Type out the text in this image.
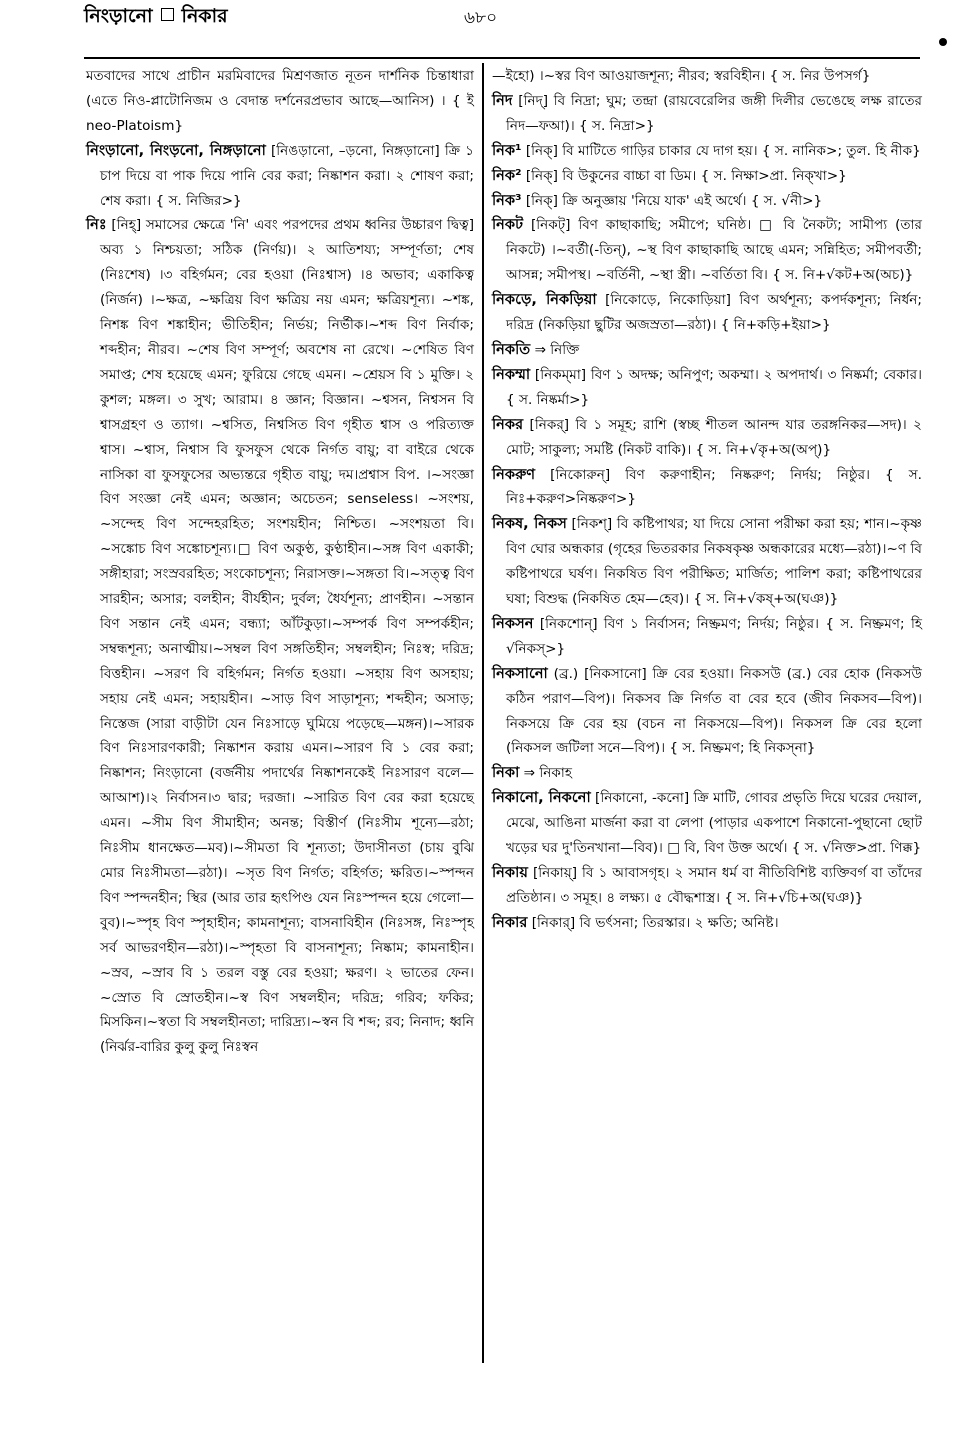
নিংড়ানো নিকার	৬৮০

মতবাদের সাথে প্রাচীন মরমিবাদের মিশ্রণজাত নূতন দার্শনিক চিন্তাধারা (এতে নিও-প্লাটোনিজম ও বেদান্ত দর্শনেরপ্রভাব আছে—আনিস) । { ই neo-Platoism}

নিংড়ানো, নিংড়নো, নিঙ্গড়ানো [নিঙড়ানো, –ড়নো, নিঙ্গড়ানো] ক্রি ১ চাপ দিয়ে বা পাক দিয়ে পানি বের করা; নিষ্কাশন করা। ২ শোষণ করা; শেষ করা। { স. নিজির>}

নিঃ [নিহ্] সমাসের ক্ষেত্রে 'নি' এবং পরপদের প্রথম ধ্বনির উচ্চারণ দ্বিত্ব] অব্য ১ নিশ্চয়তা; সঠিক (নির্ণয়)। ২ আতিশয্য; সম্পূর্ণতা; শেষ (নিঃশেষ) ।৩ বহির্গমন; বের হওয়া (নিঃশ্বাস) ।৪ অভাব; একাকিত্ব (নির্জন) ।~ক্ষত্র, ~ক্ষত্রিয় বিণ ক্ষত্রিয় নয় এমন; ক্ষত্রিয়শূন্য। ~শঙ্ক, নিশঙ্ক বিণ শঙ্কাহীন; ভীতিহীন; নির্ভয়; নির্ভীক।~শব্দ বিণ নির্বাক; শব্দহীন; নীরব। ~শেষ বিণ সম্পূর্ণ; অবশেষ না রেখে। ~শেষিত বিণ সমাপ্ত; শেষ হয়েছে এমন; ফুরিয়ে গেছে এমন। ~শ্রেয়স বি ১ মুক্তি। ২ কুশল; মঙ্গল। ৩ সুখ; আরাম। ৪ জ্ঞান; বিজ্ঞান। ~শ্বসন, নিশ্বসন বি শ্বাসগ্রহণ ও ত্যাগ। ~শ্বসিত, নিশ্বসিত বিণ গৃহীত শ্বাস ও পরিত্যক্ত শ্বাস। ~শ্বাস, নিশ্বাস বি ফুসফুস থেকে নির্গত বায়ু; বা বাইরে থেকে নাসিকা বা ফুসফুসের অভ্যন্তরে গৃহীত বায়ু; দম।প্রশ্বাস বিপ. ।~সংজ্ঞা বিণ সংজ্ঞা নেই এমন; অজ্ঞান; অচেতন; senseless। ~সংশয়, ~সন্দেহ বিণ সন্দেহরহিত; সংশয়হীন; নিশ্চিত। ~সংশয়তা বি। ~সঙ্কোচ বিণ সঙ্কোচশূন্য।□ বিণ অকুণ্ঠ, কুণ্ঠাহীন।~সঙ্গ বিণ একাকী; সঙ্গীহারা; সংস্রবরহিত; সংকোচশূন্য; নিরাসক্ত।~সঙ্গতা বি।~সত্ত্ব বিণ সারহীন; অসার; বলহীন; বীর্যহীন; দুর্বল; ধৈর্যশূন্য; প্রাণহীন। ~সন্তান বিণ সন্তান নেই এমন; বন্ধ্যা; আঁটকুড়া।~সম্পর্ক বিণ সম্পর্কহীন; সম্বন্ধশূন্য; অনাত্মীয়।~সম্বল বিণ সঙ্গতিহীন; সম্বলহীন; নিঃস্ব; দরিদ্র; বিত্তহীন। ~সরণ বি বহির্গমন; নির্গত হওয়া। ~সহায় বিণ অসহায়; সহায় নেই এমন; সহায়হীন। ~সাড় বিণ সাড়াশূন্য; শব্দহীন; অসাড়; নিস্তেজ (সারা বাড়ীটা যেন নিঃসাড়ে ঘুমিয়ে পড়েছে—মঙ্গন)।~সারক বিণ নিঃসারণকারী; নিষ্কাশন করায় এমন।~সারণ বি ১ বের করা; নিষ্কাশন; নিংড়ানো (বর্জনীয় পদার্থের নিষ্কাশনকেই নিঃসারণ বলে—আআশ)।২ নির্বাসন।৩ দ্বার; দরজা। ~সারিত বিণ বের করা হয়েছে এমন। ~সীম বিণ সীমাহীন; অনন্ত; বিস্তীর্ণ (নিঃসীম শূন্যে—রঠা; নিঃসীম ধানক্ষেত—মব)।~সীমতা বি শূন্যতা; উদাসীনতা (চায় বুঝি মোর নিঃসীমতা—রঠা)। ~সৃত বিণ নির্গত; বহির্গত; ক্ষরিত।~স্পন্দন বিণ স্পন্দনহীন; স্থির (আর তার হৃৎপিণ্ড যেন নিঃস্পন্দন হয়ে গেলো—বুব)।~স্পৃহ বিণ স্পৃহাহীন; কামনাশূন্য; বাসনাবিহীন (নিঃসঙ্গ, নিঃস্পৃহ সর্ব আভরণহীন—রঠা)।~স্পৃহতা বি বাসনাশূন্য; নিষ্কাম; কামনাহীন।~স্রব, ~স্রাব বি ১ তরল বস্তু বের হওয়া; ক্ষরণ। ২ ভাতের ফেন।~স্রোত বি স্রোতহীন।~স্ব বিণ সম্বলহীন; দরিদ্র; গরিব; ফকির; মিসকিন।~স্বতা বি সম্বলহীনতা; দারিদ্র্য।~স্বন বি শব্দ; রব; নিনাদ; ধ্বনি (নির্ঝর-বারির কুলু কুলু নিঃস্বন

—ইহো) ।~স্বর বিণ আওয়াজশূন্য; নীরব; স্বরবিহীন। { স. নির উপসর্গ}

নিদ [নিদ্] বি নিদ্রা; ঘুম; তন্দ্রা (রায়বেরেলির জঙ্গী দিলীর ভেঙেছে লক্ষ রাতের নিদ—ফআ)। { স. নিদ্রা>}

নিক¹ [নিক্] বি মাটিতে গাড়ির চাকার যে দাগ হয়। { স. নানিক>; তুল. হি নীক}

নিক² [নিক্] বি উকুনের বাচ্চা বা ডিম। { স. নিক্ষা>প্রা. নিক্‌খা>}

নিক³ [নিক্] ক্রি অনুজ্ঞায় 'নিয়ে যাক' এই অর্থে। { স. √নী>}

নিকট [নিকট্] বিণ কাছাকাছি; সমীপে; ঘনিষ্ঠ। □ বি নৈকট্য; সামীপ্য (তার নিকটে) ।~বর্তী(-তিন্), ~স্থ বিণ কাছাকাছি আছে এমন; সন্নিহিত; সমীপবর্তী; আসন্ন; সমীপস্থ। ~বর্তিনী, ~স্থা স্ত্রী। ~বর্তিতা বি। { স. নি+√কট+অ(অচ)}

নিকড়ে, নিকড়িয়া [নিকোড়ে, নিকোড়িয়া] বিণ অর্থশূন্য; কপর্দকশূন্য; নির্ধন; দরিদ্র (নিকড়িয়া ছুটির অজস্রতা—রঠা)। { নি+কড়ি+ইয়া>}

নিকতি ⇒ নিক্তি

নিকম্মা [নিকম্‌মা] বিণ ১ অদক্ষ; অনিপুণ; অকম্মা। ২ অপদার্থ। ৩ নিষ্কর্মা; বেকার। { স. নিষ্কর্মা>}

নিকর [নিকর্] বি ১ সমূহ; রাশি (স্বচ্ছ শীতল আনন্দ যার তরঙ্গনিকর—সদ)। ২ মোট; সাকুল্য; সমষ্টি (নিকট বাকি)। { স. নি+√কৃ+অ(অপ্)}

নিকরুণ [নিকোরুন্] বিণ করুণাহীন; নিষ্করুণ; নির্দয়; নিষ্ঠুর। { স. নিঃ+করুণ>নিষ্করুণ>}

নিকষ, নিকস [নিকশ্] বি কষ্টিপাথর; যা দিয়ে সোনা পরীক্ষা করা হয়; শান।~কৃষ্ণ বিণ ঘোর অন্ধকার (গৃহের ভিতরকার নিকষকৃষ্ণ অন্ধকারের মধ্যে—রঠা)।~ণ বি কষ্টিপাথরে ঘর্ষণ। নিকষিত বিণ পরীক্ষিত; মার্জিত; পালিশ করা; কষ্টিপাথরের ঘষা; বিশুদ্ধ (নিকষিত হেম—হেব)। { স. নি+√কষ্+অ(ঘঞ)}

নিকসন [নিকশোন্] বিণ ১ নির্বাসন; নিষ্ক্রমণ; নির্দয়; নিষ্ঠুর। { স. নিষ্ক্রমণ; হি √নিকস্>}

নিকসানো (ব্র.) [নিকসানো] ক্রি বের হওয়া। নিকসউ (ব্র.) বের হোক (নিকসউ কঠিন পরাণ—বিপ)। নিকসব ক্রি নির্গত বা বের হবে (জীব নিকসব—বিপ)। নিকসয়ে ক্রি বের হয় (বচন না নিকসয়ে—বিপ)। নিকসল ক্রি বের হলো (নিকসল জটিলা সনে—বিপ)। { স. নিষ্ক্রমণ; হি নিকস্‌না}

নিকা ⇒ নিকাহ

নিকানো, নিকনো [নিকানো, -কনো] ক্রি মাটি, গোবর প্রভৃতি দিয়ে ঘরের দেয়াল, মেঝে, আঙিনা মার্জনা করা বা লেপা (পাড়ার একপাশে নিকানো-পুছানো ছোট খড়ের ঘর দু'তিনখানা—বিব)। □ বি, বিণ উক্ত অর্থে। { স. √নিক্ত>প্রা. ণিক্ক}

নিকায় [নিকায়্] বি ১ আবাসগৃহ। ২ সমান ধর্ম বা নীতিবিশিষ্ট ব্যক্তিবর্গ বা তাঁদের প্রতিষ্ঠান। ৩ সমূহ। ৪ লক্ষ্য। ৫ বৌদ্ধশাস্ত্র। { স. নি+√চি+অ(ঘঞ)}

নিকার [নিকার্] বি ভর্ৎসনা; তিরস্কার। ২ ক্ষতি; অনিষ্ট।
